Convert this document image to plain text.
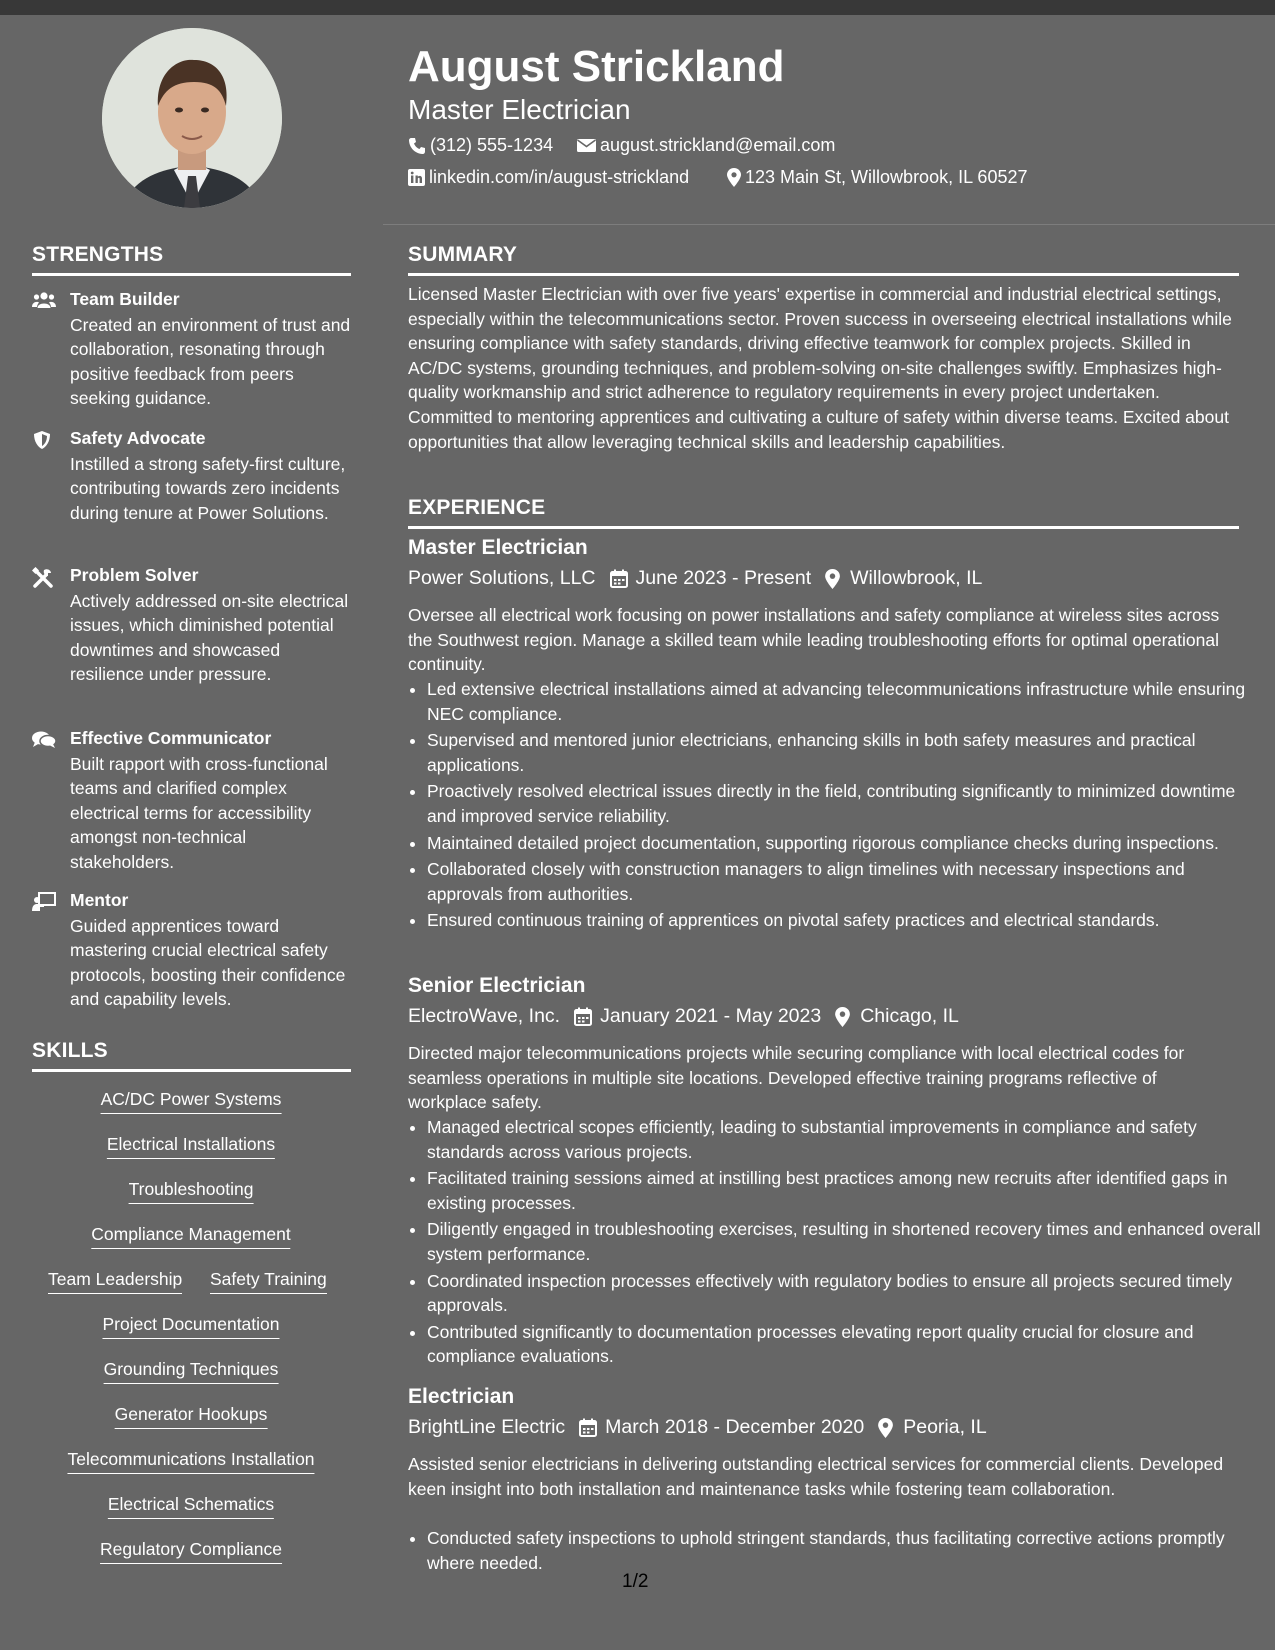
STRENGTHS
Team Builder
Created an environment of trust and collaboration, resonating through positive feedback from peers seeking guidance.
Safety Advocate
Instilled a strong safety-first culture, contributing towards zero incidents during tenure at Power Solutions.
Problem Solver
Actively addressed on-site electrical issues, which diminished potential downtimes and showcased resilience under pressure.
Effective Communicator
Built rapport with cross-functional teams and clarified complex electrical terms for accessibility amongst non-technical stakeholders.
Mentor
Guided apprentices toward mastering crucial electrical safety protocols, boosting their confidence and capability levels.
SKILLS
AC/DC Power Systems
Electrical Installations
Troubleshooting
Compliance Management
Team Leadership Safety Training
Project Documentation
Grounding Techniques
Generator Hookups
Telecommunications Installation
Electrical Schematics
Regulatory Compliance
August Strickland
Master Electrician
(312) 555-1234	august.strickland@email.com
linkedin.com/in/august-strickland	123 Main St, Willowbrook, IL 60527
SUMMARY
Licensed Master Electrician with over five years' expertise in commercial and industrial electrical settings, especially within the telecommunications sector. Proven success in overseeing electrical installations while ensuring compliance with safety standards, driving effective teamwork for complex projects. Skilled in AC/DC systems, grounding techniques, and problem-solving on-site challenges swiftly. Emphasizes high-quality workmanship and strict adherence to regulatory requirements in every project undertaken. Committed to mentoring apprentices and cultivating a culture of safety within diverse teams. Excited about opportunities that allow leveraging technical skills and leadership capabilities.
EXPERIENCE
Master Electrician
Power Solutions, LLC June 2023 - Present Willowbrook, IL
Oversee all electrical work focusing on power installations and safety compliance at wireless sites across the Southwest region. Manage a skilled team while leading troubleshooting efforts for optimal operational continuity.
• Led extensive electrical installations aimed at advancing telecommunications infrastructure while ensuring NEC compliance.
• Supervised and mentored junior electricians, enhancing skills in both safety measures and practical applications.
• Proactively resolved electrical issues directly in the field, contributing significantly to minimized downtime and improved service reliability.
• Maintained detailed project documentation, supporting rigorous compliance checks during inspections.
• Collaborated closely with construction managers to align timelines with necessary inspections and approvals from authorities.
• Ensured continuous training of apprentices on pivotal safety practices and electrical standards.
Senior Electrician
ElectroWave, Inc. January 2021 - May 2023 Chicago, IL
Directed major telecommunications projects while securing compliance with local electrical codes for seamless operations in multiple site locations. Developed effective training programs reflective of workplace safety.
• Managed electrical scopes efficiently, leading to substantial improvements in compliance and safety standards across various projects.
• Facilitated training sessions aimed at instilling best practices among new recruits after identified gaps in existing processes.
• Diligently engaged in troubleshooting exercises, resulting in shortened recovery times and enhanced overall system performance.
• Coordinated inspection processes effectively with regulatory bodies to ensure all projects secured timely approvals.
• Contributed significantly to documentation processes elevating report quality crucial for closure and compliance evaluations.
Electrician
BrightLine Electric March 2018 - December 2020 Peoria, IL
Assisted senior electricians in delivering outstanding electrical services for commercial clients. Developed keen insight into both installation and maintenance tasks while fostering team collaboration.
• Conducted safety inspections to uphold stringent standards, thus facilitating corrective actions promptly where needed.
1/2
